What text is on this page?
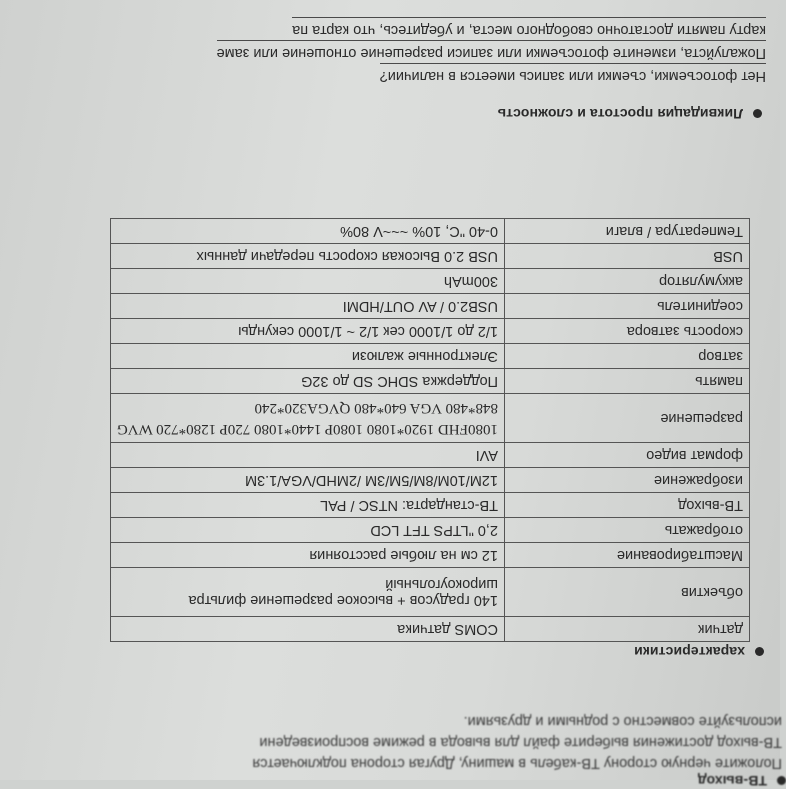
ТВ-выход
Положите черную сторону ТВ-кабель в машину, Другая сторона подключается
ТВ-выход достижения выберите файл для вывода в режиме воспроизведени
используйте совместно с родными и друзьями.
характеристики
датчик	COMS датчика
объектив	140 градусов + высокое разрешение фильтра
широкоугольный

Масштабирование	12 см на любые расстояния
отображать	2,0 "LTPS TFT LCD
ТВ-выход	ТВ-стандарта: NTSC / PAL
изображение	12M/10M/8M/5M/3M /2MHD/VGA/1.3M
формат видео	AVI
разрешение	1080FHD 1920*1080 1080P 1440*1080 720P 1280*720 WVG
848*480 VGA 640*480 QVGA320*240

память	Поддержка SDHC SD до 32G
затвор	Электронные жалюзи
скорость затвора	1/2 до 1/1000 сек 1/2 ~ 1/1000 секунды
соединитель	USB2.0 / AV OUT/HDMI
аккумулятор	300mAh
USB	USB 2.0 Высокая скорость передачи данных
Температура / влаги	0-40 "C, 10% ~~~V 80%
Ликвидация простота и сложность
Нет фотосъемки, съемки или запись имеется в наличии?
Пожалуйста, измените фотосъемки или записи разрешение отношение или заме
карту памяти достаточно свободного места, и убедитесь, что карта па
